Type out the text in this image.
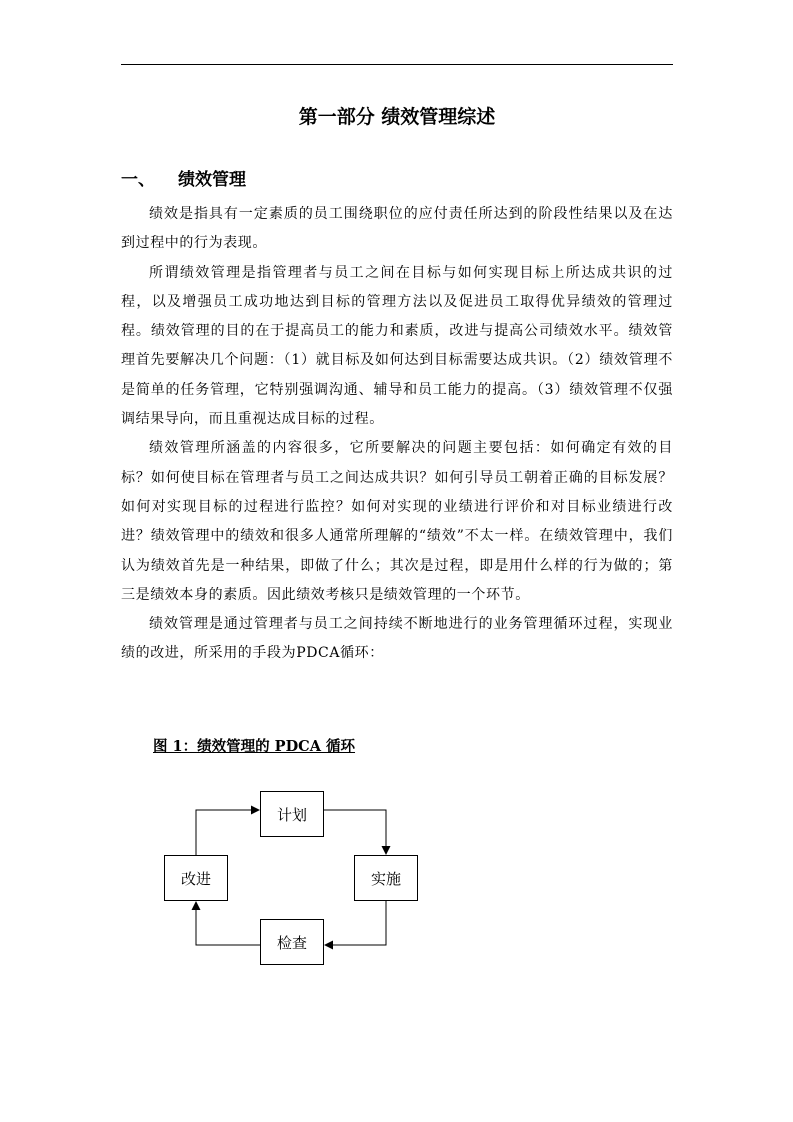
第一部分 绩效管理综述
一、 绩效管理

绩效是指具有一定素质的员工围绕职位的应付责任所达到的阶段性结果以及在达到过程中的行为表现。

所谓绩效管理是指管理者与员工之间在目标与如何实现目标上所达成共识的过程，以及增强员工成功地达到目标的管理方法以及促进员工取得优异绩效的管理过程。绩效管理的目的在于提高员工的能力和素质，改进与提高公司绩效水平。绩效管理首先要解决几个问题：（1）就目标及如何达到目标需要达成共识。（2）绩效管理不是简单的任务管理，它特别强调沟通、辅导和员工能力的提高。（3）绩效管理不仅强调结果导向，而且重视达成目标的过程。

绩效管理所涵盖的内容很多，它所要解决的问题主要包括：如何确定有效的目标？如何使目标在管理者与员工之间达成共识？如何引导员工朝着正确的目标发展？如何对实现目标的过程进行监控？如何对实现的业绩进行评价和对目标业绩进行改进？绩效管理中的绩效和很多人通常所理解的“绩效”不太一样。在绩效管理中，我们认为绩效首先是一种结果，即做了什么；其次是过程，即是用什么样的行为做的；第三是绩效本身的素质。因此绩效考核只是绩效管理的一个环节。

绩效管理是通过管理者与员工之间持续不断地进行的业务管理循环过程，实现业绩的改进，所采用的手段为PDCA循环：

图 1：绩效管理的 PDCA 循环

计划
实施
检查
改进
